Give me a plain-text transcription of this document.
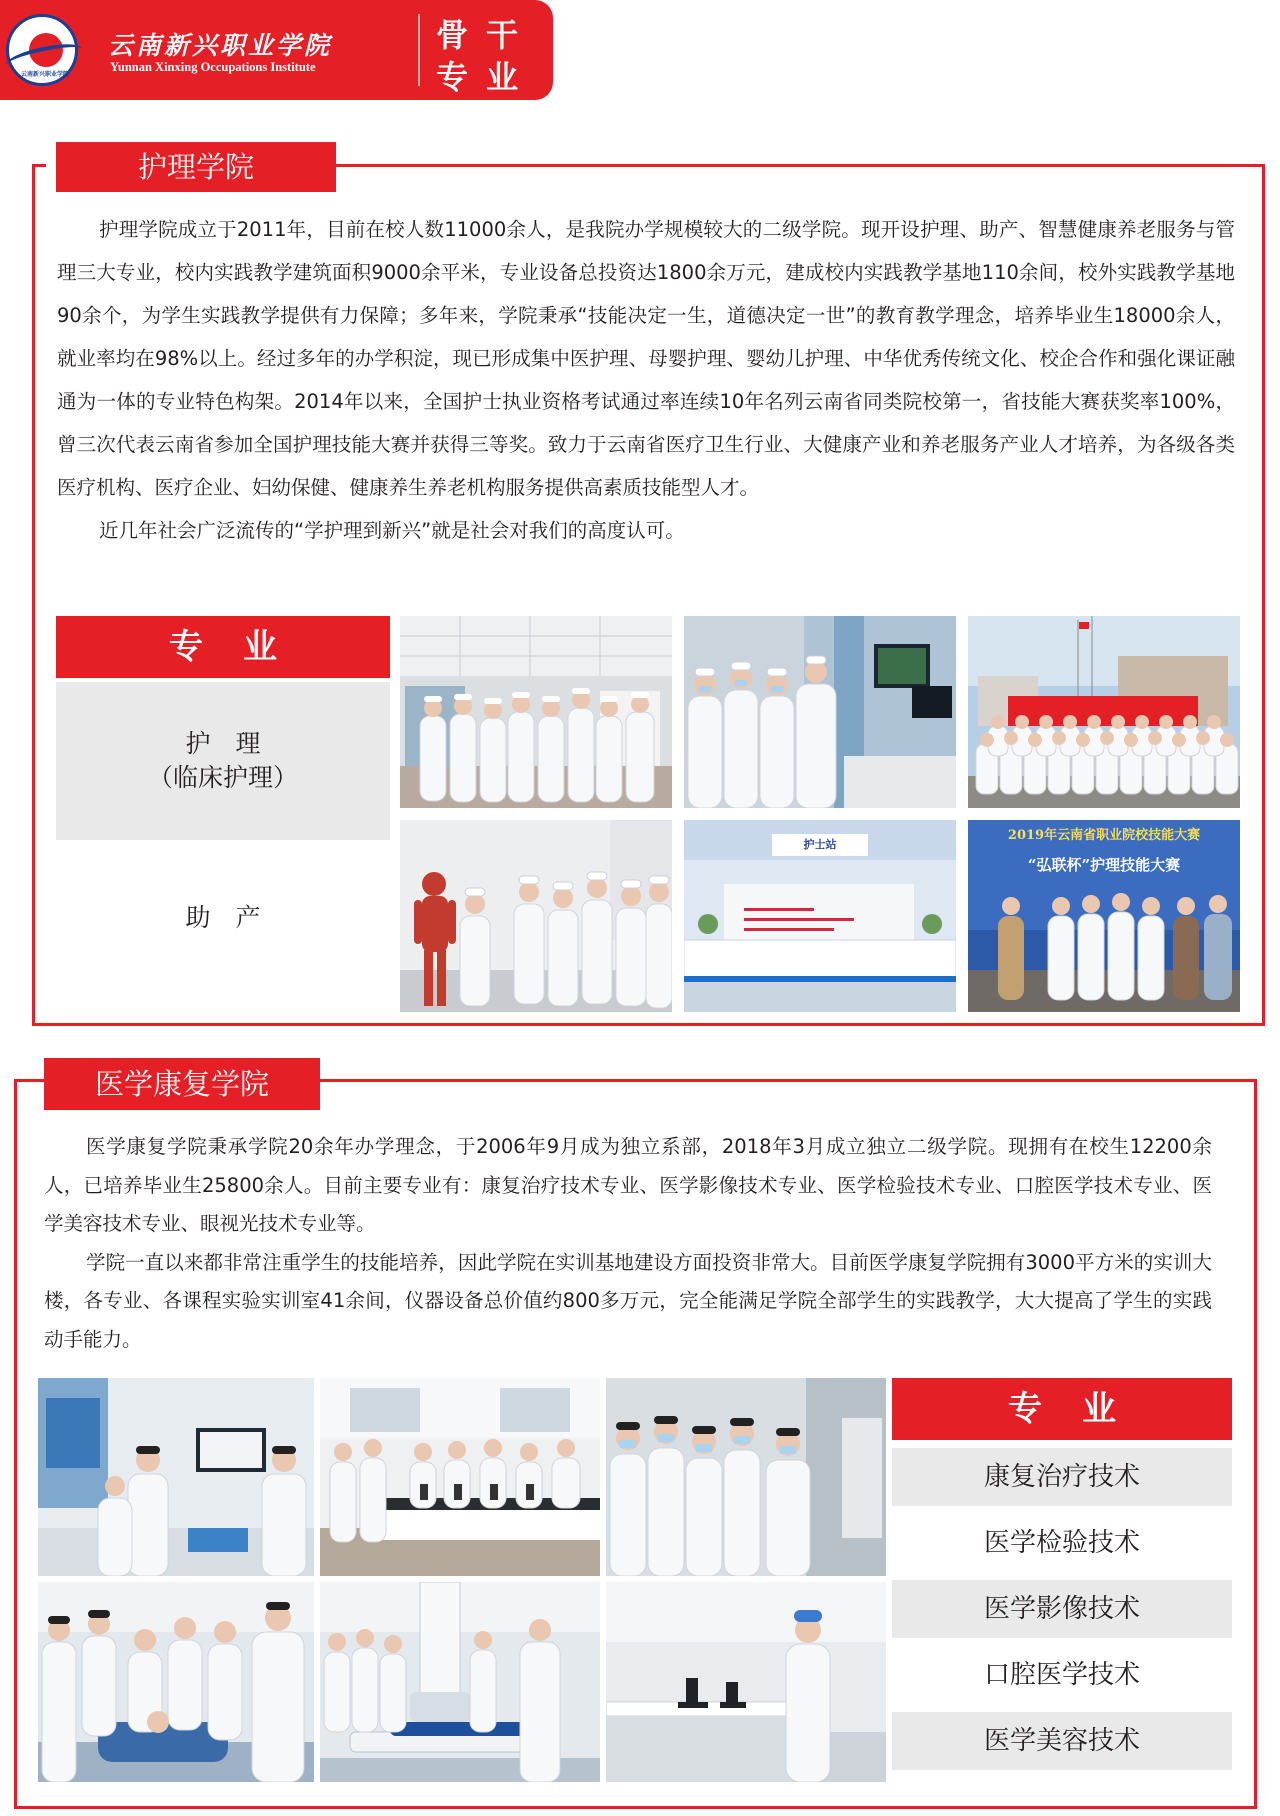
云南新兴职业学院
云南新兴职业学院
Yunnan Xinxing Occupations Institute
骨干
专业
护理学院

护理学院成立于2011年，目前在校人数11000余人，是我院办学规模较大的二级学院。现开设护理、助产、智慧健康养老服务与管理三大专业，校内实践教学建筑面积9000余平米，专业设备总投资达1800余万元，建成校内实践教学基地110余间，校外实践教学基地90余个，为学生实践教学提供有力保障；多年来，学院秉承“技能决定一生，道德决定一世”的教育教学理念，培养毕业生18000余人，就业率均在98%以上。经过多年的办学积淀，现已形成集中医护理、母婴护理、婴幼儿护理、中华优秀传统文化、校企合作和强化课证融通为一体的专业特色构架。2014年以来，全国护士执业资格考试通过率连续10年名列云南省同类院校第一，省技能大赛获奖率100%，曾三次代表云南省参加全国护理技能大赛并获得三等奖。致力于云南省医疗卫生行业、大健康产业和养老服务产业人才培养，为各级各类医疗机构、医疗企业、妇幼保健、健康养生养老机构服务提供高素质技能型人才。

近几年社会广泛流传的“学护理到新兴”就是社会对我们的高度认可。

专业
护　理
（临床护理）
助　产
护士站
2019年云南省职业院校技能大赛
“弘联杯”护理技能大赛
医学康复学院

医学康复学院秉承学院20余年办学理念，于2006年9月成为独立系部，2018年3月成立独立二级学院。现拥有在校生12200余人，已培养毕业生25800余人。目前主要专业有：康复治疗技术专业、医学影像技术专业、医学检验技术专业、口腔医学技术专业、医学美容技术专业、眼视光技术专业等。

学院一直以来都非常注重学生的技能培养，因此学院在实训基地建设方面投资非常大。目前医学康复学院拥有3000平方米的实训大楼，各专业、各课程实验实训室41余间，仪器设备总价值约800多万元，完全能满足学院全部学生的实践教学，大大提高了学生的实践动手能力。

专业
康复治疗技术
医学检验技术
医学影像技术
口腔医学技术
医学美容技术
